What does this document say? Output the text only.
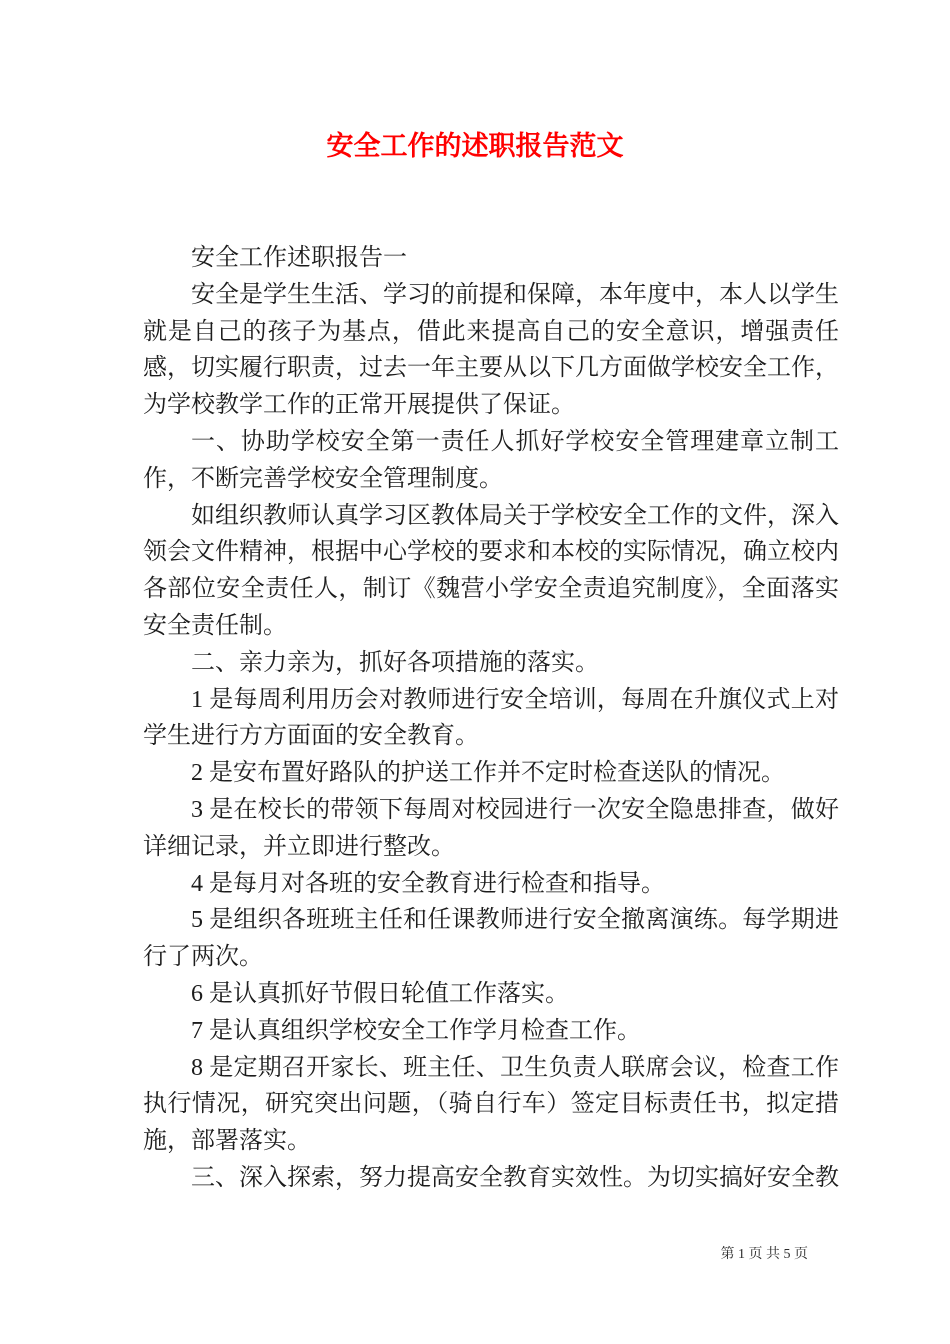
安全工作的述职报告范文

安全工作述职报告一

安全是学生生活、学习的前提和保障，本年度中，本人以学生就是自己的孩子为基点，借此来提高自己的安全意识，增强责任感，切实履行职责，过去一年主要从以下几方面做学校安全工作，为学校教学工作的正常开展提供了保证。

一、协助学校安全第一责任人抓好学校安全管理建章立制工作，不断完善学校安全管理制度。

如组织教师认真学习区教体局关于学校安全工作的文件，深入领会文件精神，根据中心学校的要求和本校的实际情况，确立校内各部位安全责任人，制订《魏营小学安全责追究制度》，全面落实安全责任制。

二、亲力亲为，抓好各项措施的落实。

1 是每周利用历会对教师进行安全培训，每周在升旗仪式上对学生进行方方面面的安全教育。

2 是安布置好路队的护送工作并不定时检查送队的情况。

3 是在校长的带领下每周对校园进行一次安全隐患排查，做好详细记录，并立即进行整改。

4 是每月对各班的安全教育进行检查和指导。

5 是组织各班班主任和任课教师进行安全撤离演练。每学期进行了两次。

6 是认真抓好节假日轮值工作落实。

7 是认真组织学校安全工作学月检查工作。

8 是定期召开家长、班主任、卫生负责人联席会议，检查工作执行情况，研究突出问题，（骑自行车）签定目标责任书，拟定措施，部署落实。

三、深入探索，努力提高安全教育实效性。为切实搞好安全教

第 1 页 共 5 页
